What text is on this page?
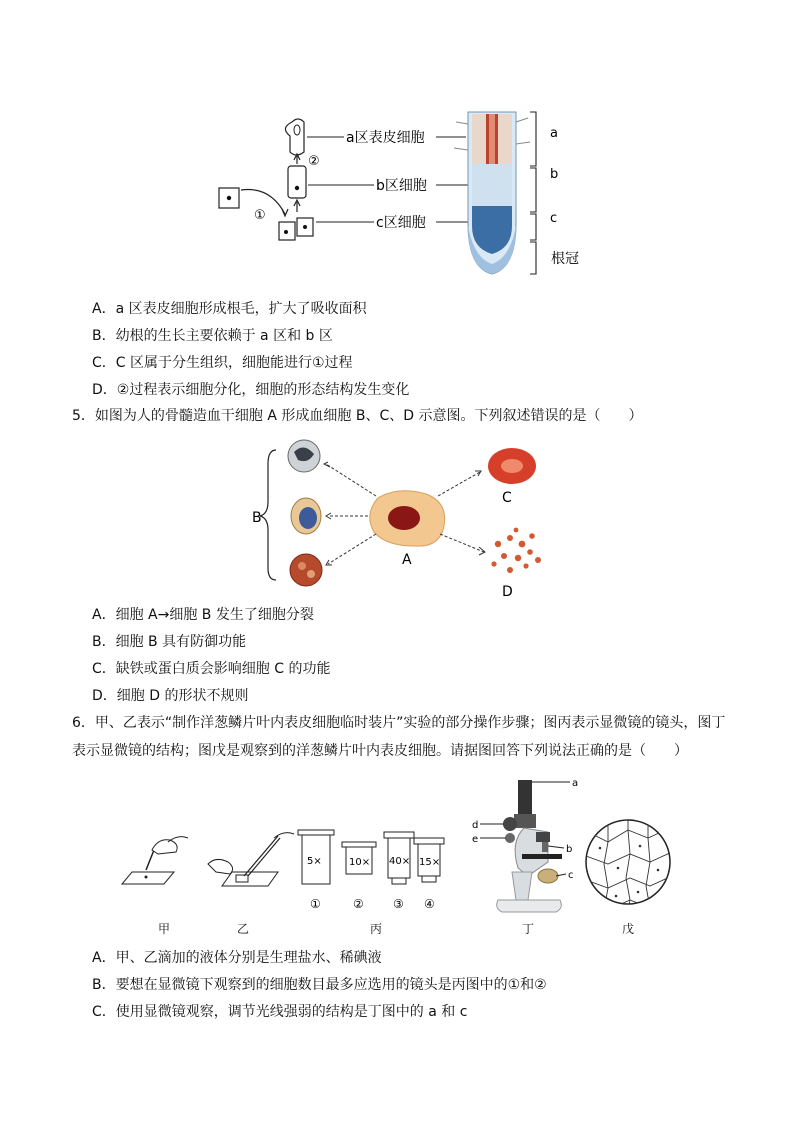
①
②
a区表皮细胞
b区细胞
c区细胞
a
b
c
根冠
A．a 区表皮细胞形成根毛，扩大了吸收面积
B．幼根的生长主要依赖于 a 区和 b 区
C．C 区属于分生组织，细胞能进行①过程
D．②过程表示细胞分化，细胞的形态结构发生变化
5．如图为人的骨髓造血干细胞 A 形成血细胞 B、C、D 示意图。下列叙述错误的是（　　）
B
A
C
D
A．细胞 A→细胞 B 发生了细胞分裂
B．细胞 B 具有防御功能
C．缺铁或蛋白质会影响细胞 C 的功能
D．细胞 D 的形状不规则
6．甲、乙表示“制作洋葱鳞片叶内表皮细胞临时装片”实验的部分操作步骤；图丙表示显微镜的镜头，图丁
表示显微镜的结构；图戊是观察到的洋葱鳞片叶内表皮细胞。请据图回答下列说法正确的是（　　）
5×	10× 40× 15×
①	② ③ ④
a
d
e
b
c
甲	乙	丙	丁	戊
A．甲、乙滴加的液体分别是生理盐水、稀碘液
B．要想在显微镜下观察到的细胞数目最多应选用的镜头是丙图中的①和②
C．使用显微镜观察，调节光线强弱的结构是丁图中的 a 和 c
